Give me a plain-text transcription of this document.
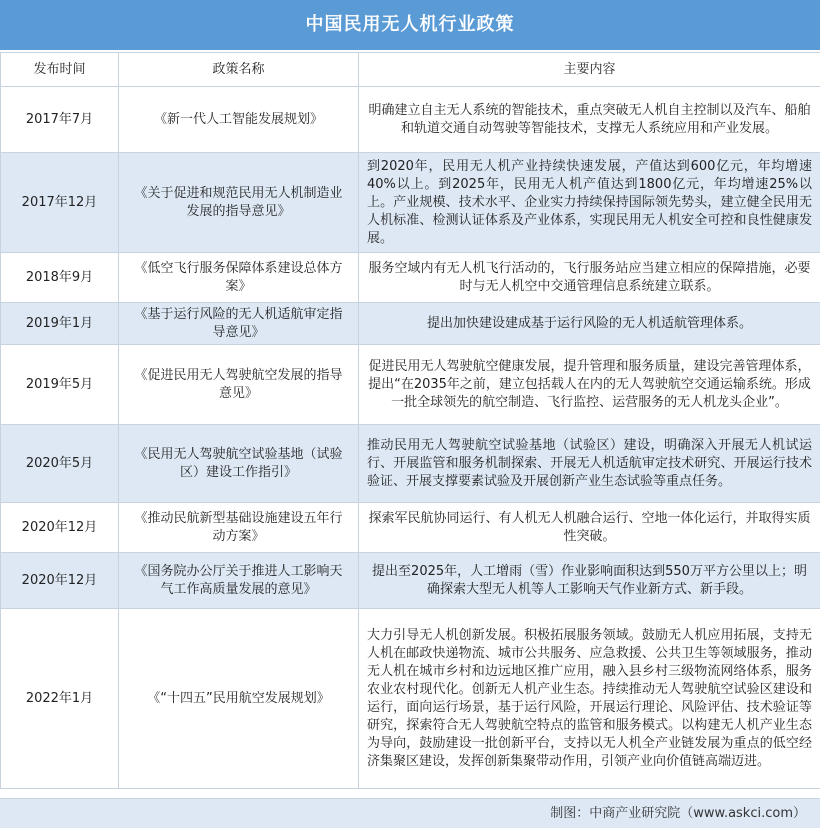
中国民用无人机行业政策
发布时间	政策名称	主要内容
2017年7月	《新一代人工智能发展规划》	明确建立自主无人系统的智能技术，重点突破无人机自主控制以及汽车、船舶和轨道交通自动驾驶等智能技术，支撑无人系统应用和产业发展。
2017年12月	《关于促进和规范民用无人机制造业发展的指导意见》	到2020年，民用无人机产业持续快速发展，产值达到600亿元，年均增速40%以上。到2025年，民用无人机产值达到1800亿元，年均增速25%以上。产业规模、技术水平、企业实力持续保持国际领先势头，建立健全民用无人机标准、检测认证体系及产业体系，实现民用无人机安全可控和良性健康发展。
2018年9月	《低空飞行服务保障体系建设总体方案》	服务空域内有无人机飞行活动的，飞行服务站应当建立相应的保障措施，必要时与无人机空中交通管理信息系统建立联系。
2019年1月	《基于运行风险的无人机适航审定指导意见》	提出加快建设建成基于运行风险的无人机适航管理体系。
2019年5月	《促进民用无人驾驶航空发展的指导意见》	促进民用无人驾驶航空健康发展，提升管理和服务质量，建设完善管理体系，提出“在2035年之前，建立包括载人在内的无人驾驶航空交通运输系统。形成一批全球领先的航空制造、飞行监控、运营服务的无人机龙头企业”。
2020年5月	《民用无人驾驶航空试验基地（试验区）建设工作指引》	推动民用无人驾驶航空试验基地（试验区）建设，明确深入开展无人机试运行、开展监管和服务机制探索、开展无人机适航审定技术研究、开展运行技术验证、开展支撑要素试验及开展创新产业生态试验等重点任务。
2020年12月	《推动民航新型基础设施建设五年行动方案》	探索军民航协同运行、有人机无人机融合运行、空地一体化运行，并取得实质性突破。
2020年12月	《国务院办公厅关于推进人工影响天气工作高质量发展的意见》	提出至2025年，人工增雨（雪）作业影响面积达到550万平方公里以上；明确探索大型无人机等人工影响天气作业新方式、新手段。
2022年1月	《“十四五”民用航空发展规划》	大力引导无人机创新发展。积极拓展服务领域。鼓励无人机应用拓展，支持无人机在邮政快递物流、城市公共服务、应急救援、公共卫生等领域服务，推动无人机在城市乡村和边远地区推广应用，融入县乡村三级物流网络体系，服务农业农村现代化。创新无人机产业生态。持续推动无人驾驶航空试验区建设和运行，面向运行场景，基于运行风险，开展运行理论、风险评估、技术验证等研究，探索符合无人驾驶航空特点的监管和服务模式。以构建无人机产业生态为导向，鼓励建设一批创新平台，支持以无人机全产业链发展为重点的低空经济集聚区建设，发挥创新集聚带动作用，引领产业向价值链高端迈进。
制图：中商产业研究院（www.askci.com）
